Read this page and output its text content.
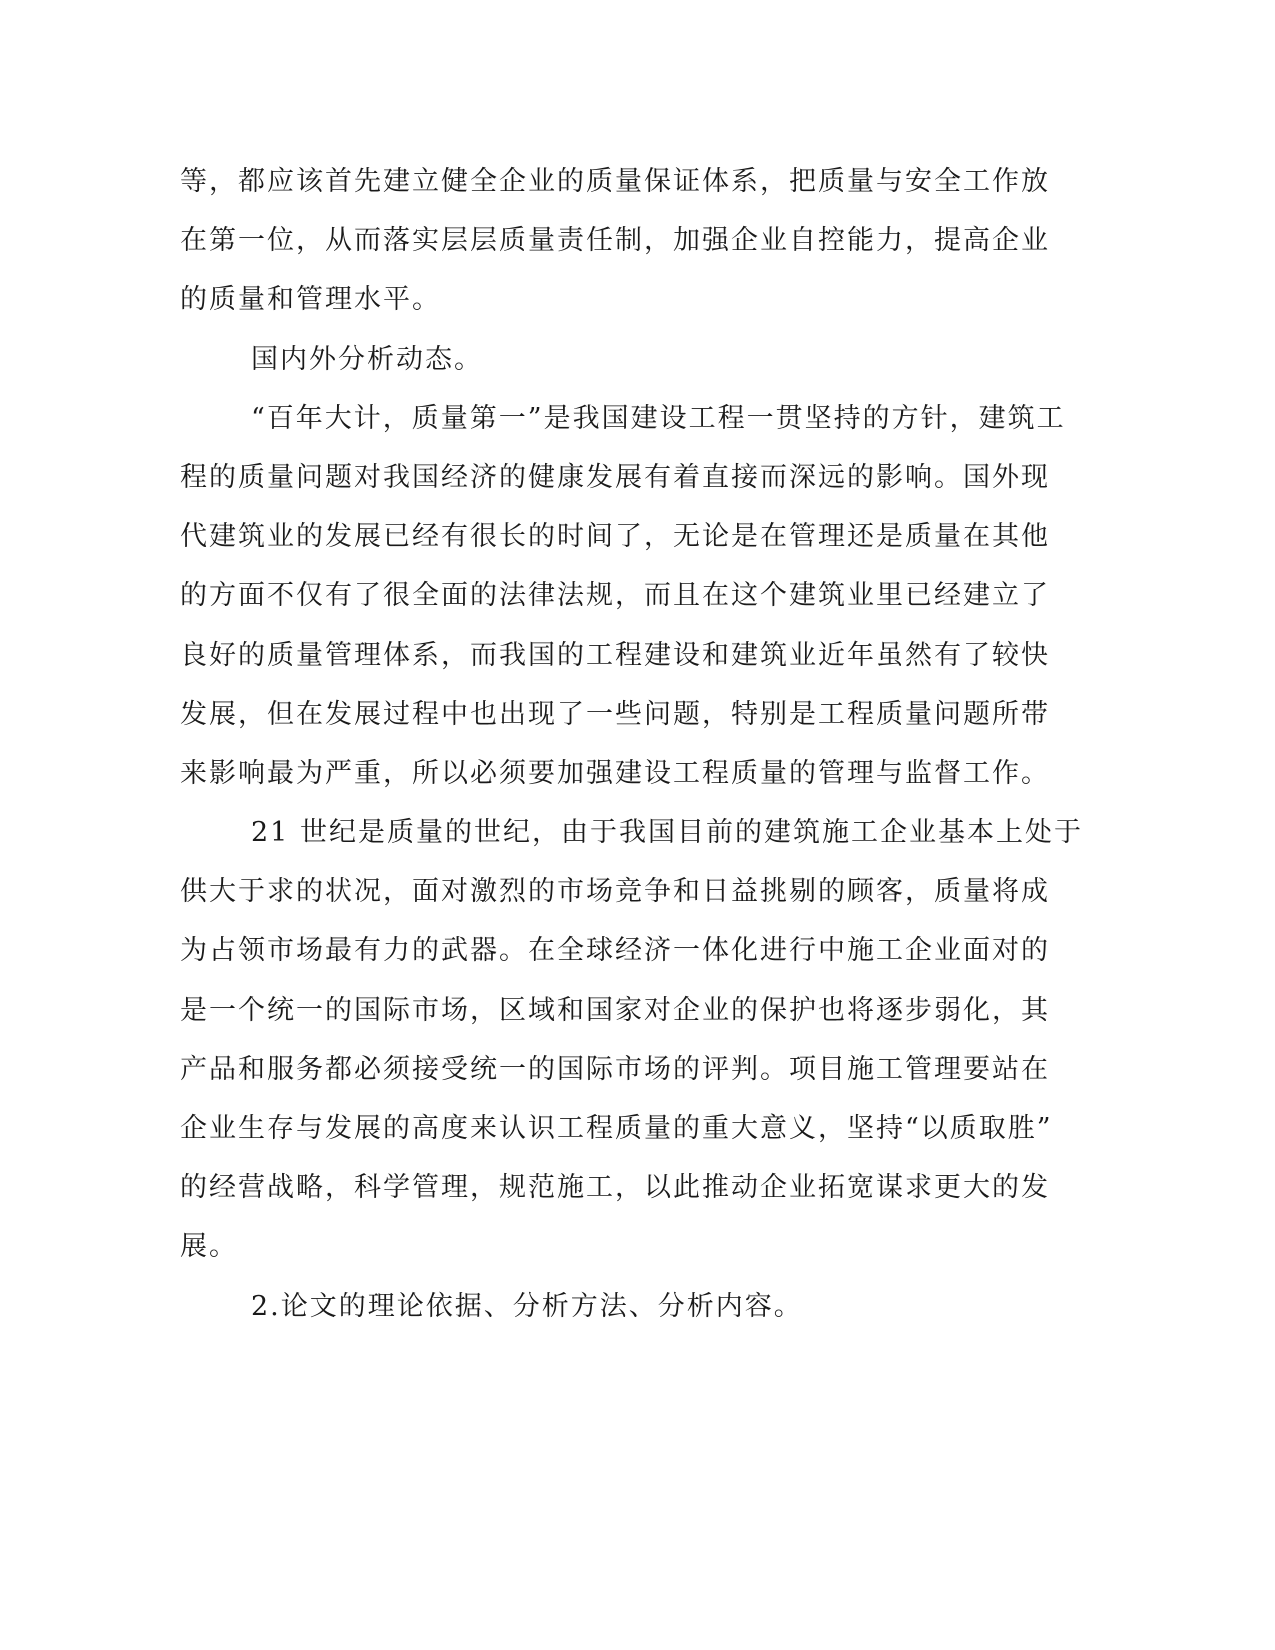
等，都应该首先建立健全企业的质量保证体系，把质量与安全工作放
在第一位，从而落实层层质量责任制，加强企业自控能力，提高企业
的质量和管理水平。
国内外分析动态。
“百年大计，质量第一”是我国建设工程一贯坚持的方针，建筑工
程的质量问题对我国经济的健康发展有着直接而深远的影响。国外现
代建筑业的发展已经有很长的时间了，无论是在管理还是质量在其他
的方面不仅有了很全面的法律法规，而且在这个建筑业里已经建立了
良好的质量管理体系，而我国的工程建设和建筑业近年虽然有了较快
发展，但在发展过程中也出现了一些问题，特别是工程质量问题所带
来影响最为严重，所以必须要加强建设工程质量的管理与监督工作。
21 世纪是质量的世纪，由于我国目前的建筑施工企业基本上处于
供大于求的状况，面对激烈的市场竞争和日益挑剔的顾客，质量将成
为占领市场最有力的武器。在全球经济一体化进行中施工企业面对的
是一个统一的国际市场，区域和国家对企业的保护也将逐步弱化，其
产品和服务都必须接受统一的国际市场的评判。项目施工管理要站在
企业生存与发展的高度来认识工程质量的重大意义，坚持“以质取胜”
的经营战略，科学管理，规范施工，以此推动企业拓宽谋求更大的发
展。
2.论文的理论依据、分析方法、分析内容。
